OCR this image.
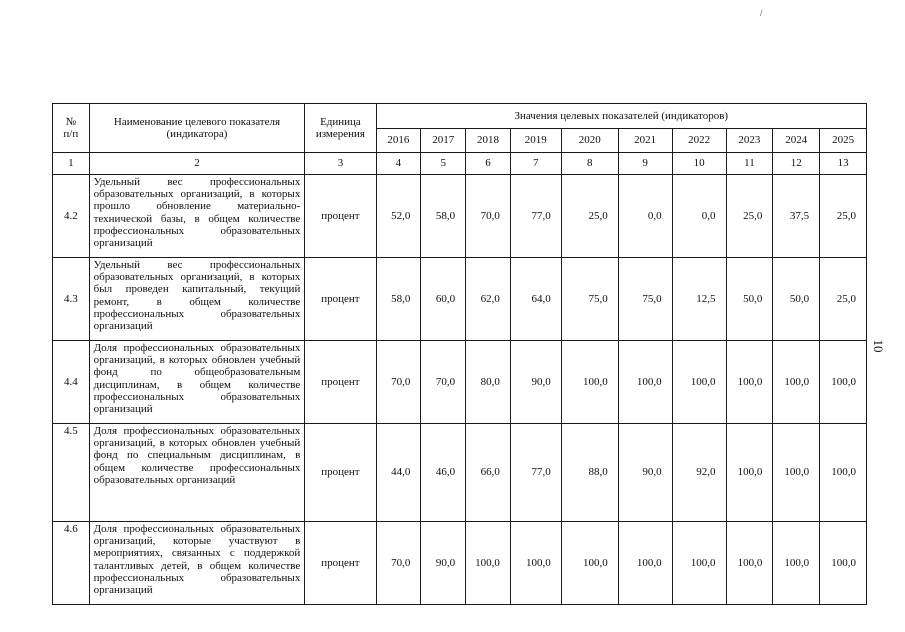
/
10
№
п/п	Наименование целевого показателя (индикатора)	Единица измерения	Значения целевых показателей (индикаторов)									
			2016	2017	2018	2019	2020	2021	2022	2023	2024	2025
1	2	3	4	5	6	7	8	9	10	11	12	13
4.2	Удельный вес профессиональных образовательных организаций, в которых прошло обновление материально-технической базы, в общем количестве профессиональных образовательных организаций	процент	52,0	58,0	70,0	77,0	25,0	0,0	0,0	25,0	37,5	25,0
4.3	Удельный вес профессиональных образовательных организаций, в которых был проведен капитальный, текущий ремонт, в общем количестве профессиональных образовательных организаций	процент	58,0	60,0	62,0	64,0	75,0	75,0	12,5	50,0	50,0	25,0
4.4	Доля профессиональных образовательных организаций, в которых обновлен учебный фонд по общеобразовательным дисциплинам, в общем количестве профессиональных образовательных организаций	процент	70,0	70,0	80,0	90,0	100,0	100,0	100,0	100,0	100,0	100,0
4.5	Доля профессиональных образовательных организаций, в которых обновлен учебный фонд по специальным дисциплинам, в общем количестве профессиональных образовательных организаций	процент	44,0	46,0	66,0	77,0	88,0	90,0	92,0	100,0	100,0	100,0
4.6	Доля профессиональных образовательных организаций, которые участвуют в мероприятиях, связанных с поддержкой талантливых детей, в общем количестве профессиональных образовательных организаций	процент	70,0	90,0	100,0	100,0	100,0	100,0	100,0	100,0	100,0	100,0
